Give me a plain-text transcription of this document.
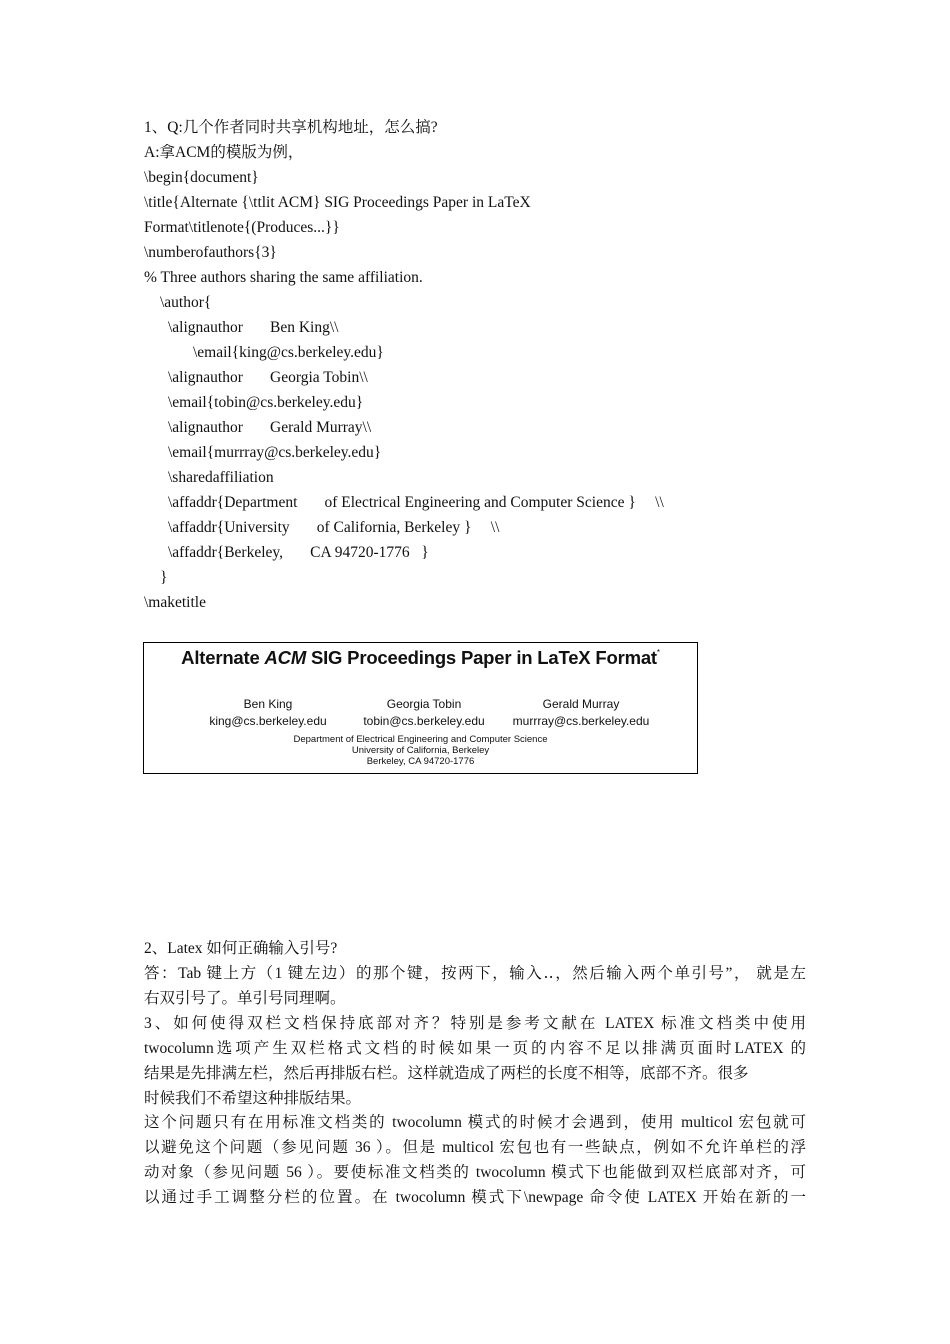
1、Q:几个作者同时共享机构地址，怎么搞?
A:拿ACM的模版为例，
\begin{document}
\title{Alternate {\ttlit ACM} SIG Proceedings Paper in LaTeX
Format\titlenote{(Produces...}}
\numberofauthors{3}
% Three authors sharing the same affiliation.
\author{
\alignauthor       Ben King\\
\email{king@cs.berkeley.edu}
\alignauthor       Georgia Tobin\\
\email{tobin@cs.berkeley.edu}
\alignauthor       Gerald Murray\\
\email{murrray@cs.berkeley.edu}
\sharedaffiliation
\affaddr{Department       of Electrical Engineering and Computer Science }     \\
\affaddr{University       of California, Berkeley }     \\
\affaddr{Berkeley,       CA 94720-1776   }
}
\maketitle
Alternate ACM SIG Proceedings Paper in LaTeX Format*
Ben King
king@cs.berkeley.edu
Georgia Tobin
tobin@cs.berkeley.edu
Gerald Murray
murrray@cs.berkeley.edu
Department of Electrical Engineering and Computer Science
University of California, Berkeley
Berkeley, CA 94720-1776
2、Latex 如何正确输入引号?
答：Tab 键上方（1 键左边）的那个键，按两下，输入‥，然后输入两个单引号”， 就是左
右双引号了。单引号同理啊。
3、如何使得双栏文档保持底部对齐？特别是参考文献在 LATEX 标准文档类中使用
twocolumn选项产生双栏格式文档的时候如果一页的内容不足以排满页面时LATEX 的
结果是先排满左栏，然后再排版右栏。这样就造成了两栏的长度不相等，底部不齐。很多
时候我们不希望这种排版结果。
这个问题只有在用标准文档类的 twocolumn 模式的时候才会遇到，使用 multicol 宏包就可
以避免这个问题（参见问题 36 ）。但是 multicol 宏包也有一些缺点，例如不允许单栏的浮
动对象（参见问题 56 ）。要使标准文档类的 twocolumn 模式下也能做到双栏底部对齐，可
以通过手工调整分栏的位置。在 twocolumn 模式下\newpage 命令使 LATEX 开始在新的一
